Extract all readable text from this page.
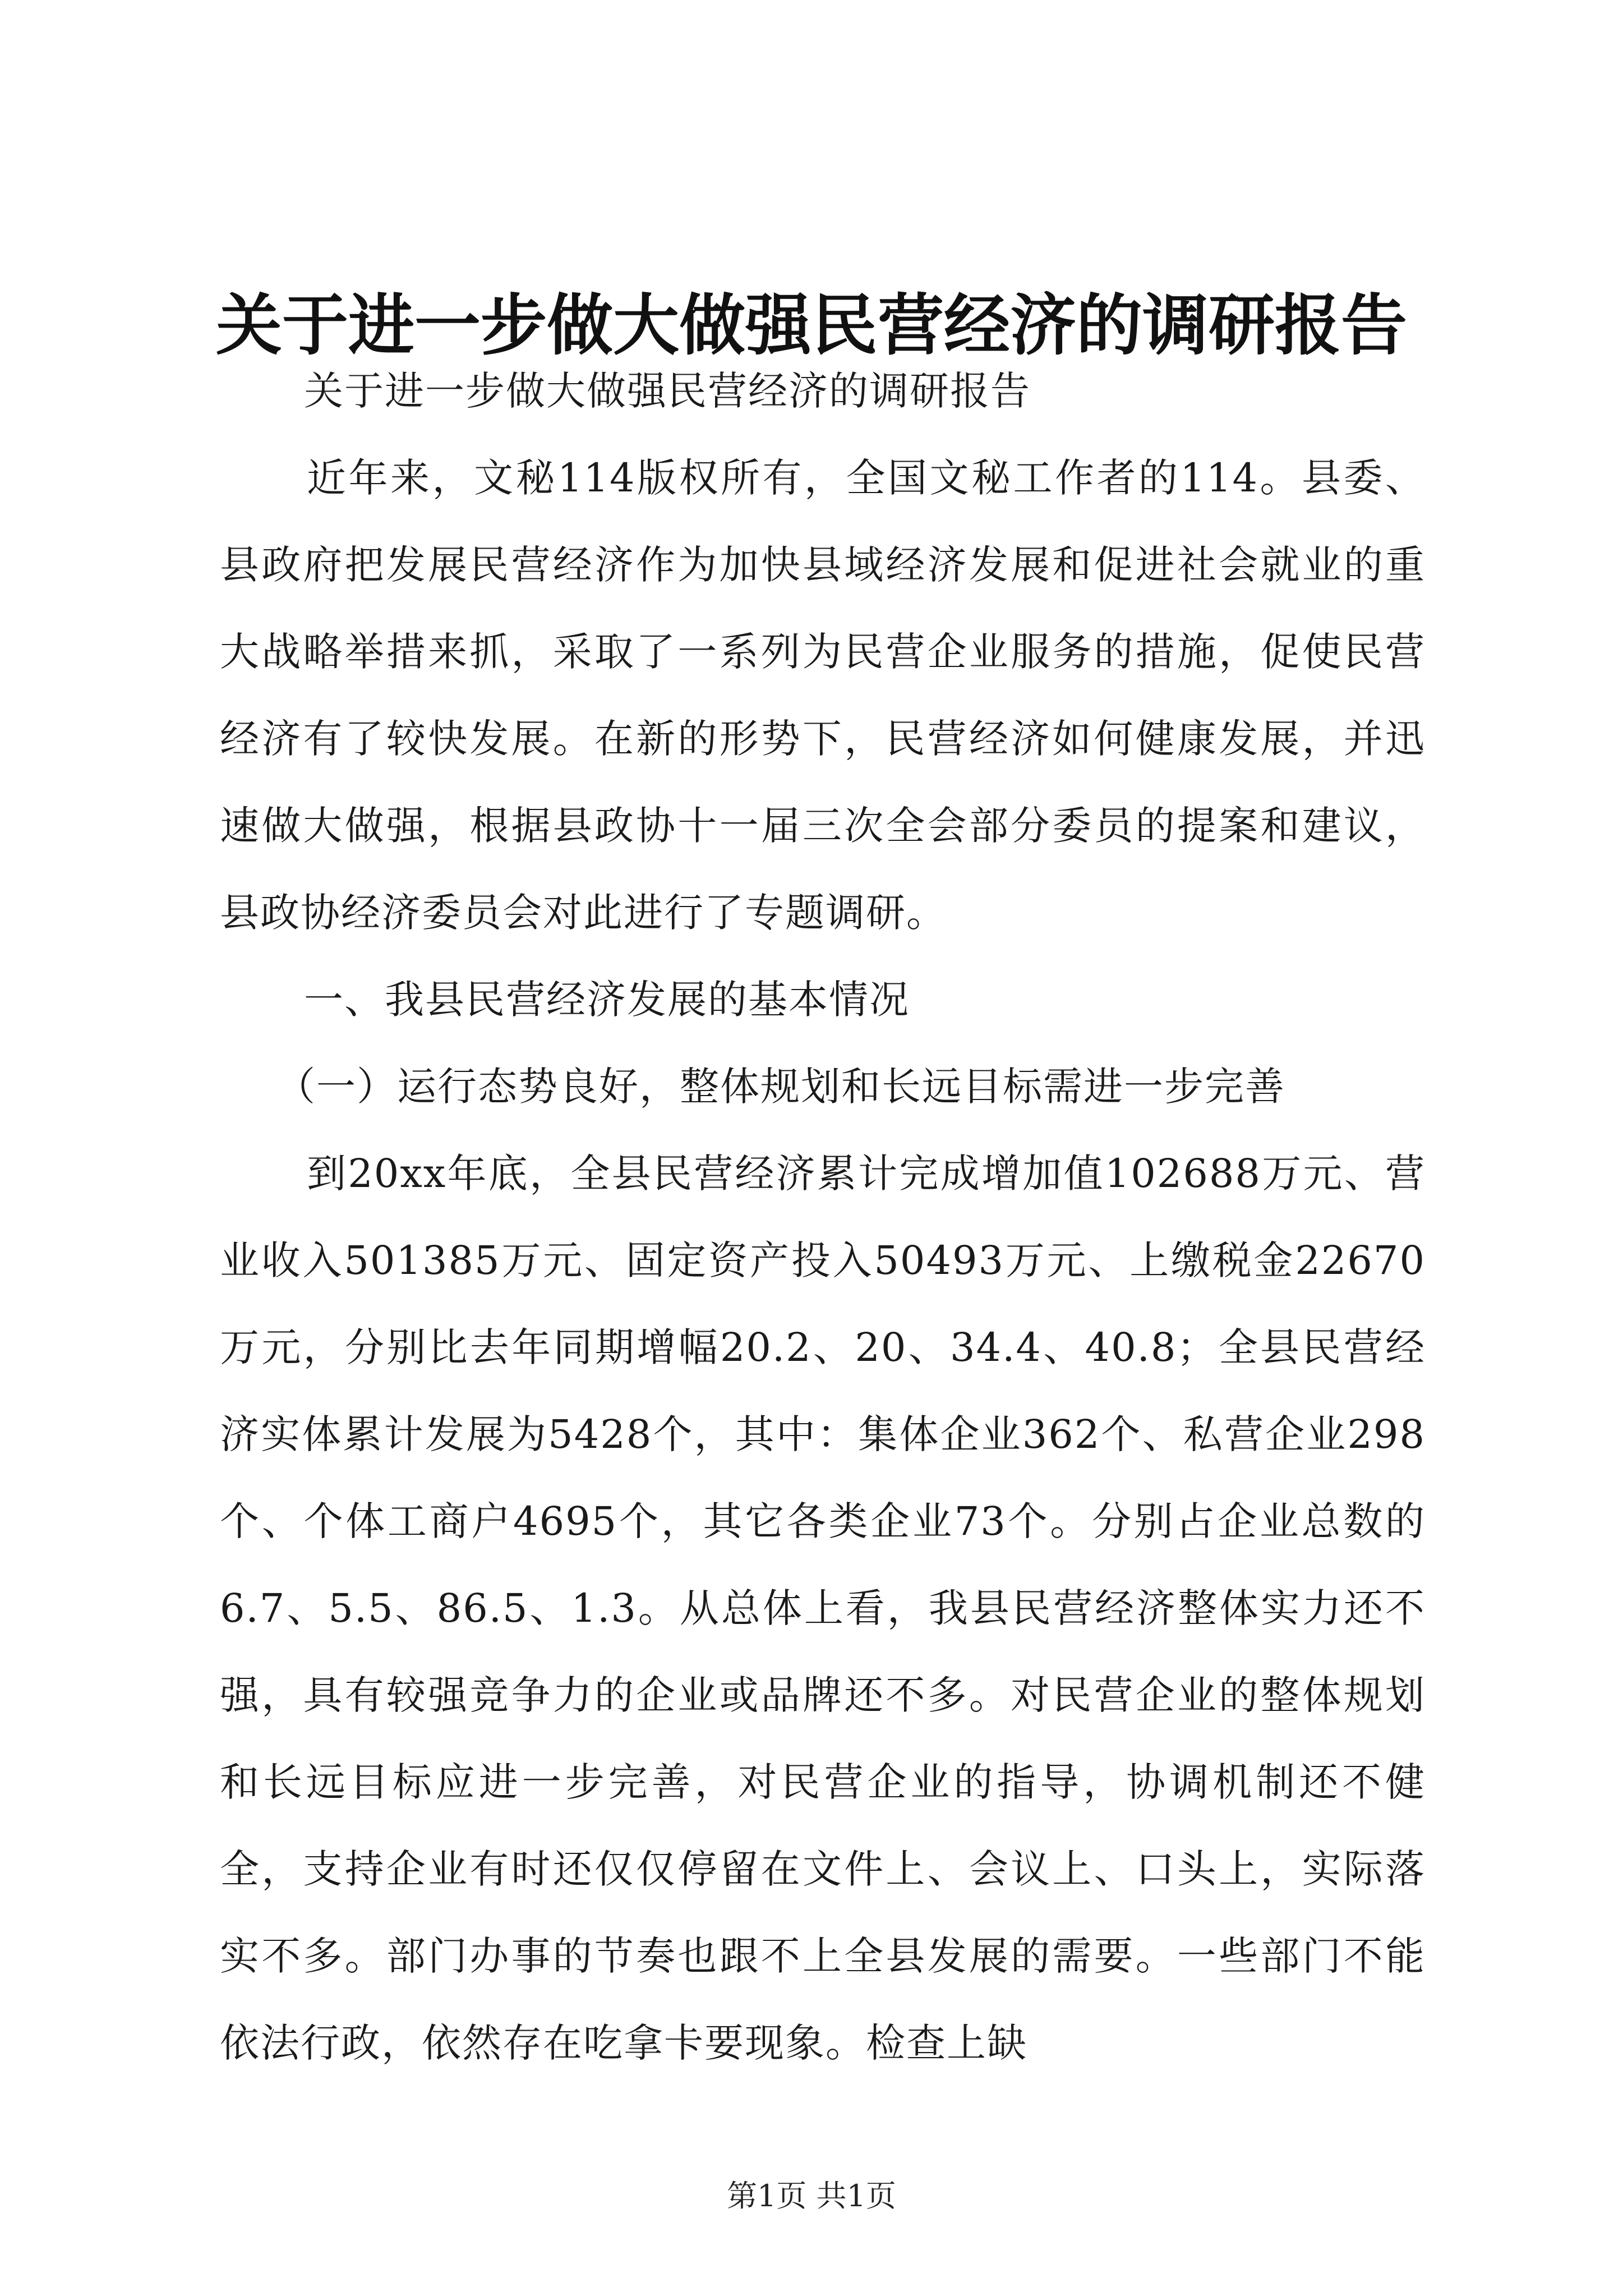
关于进一步做大做强民营经济的调研报告

关于进一步做大做强民营经济的调研报告

近年来，文秘114版权所有，全国文秘工作者的114。县委、县政府把发展民营经济作为加快县域经济发展和促进社会就业的重大战略举措来抓，采取了一系列为民营企业服务的措施，促使民营经济有了较快发展。在新的形势下，民营经济如何健康发展，并迅速做大做强，根据县政协十一届三次全会部分委员的提案和建议，县政协经济委员会对此进行了专题调研。

一、我县民营经济发展的基本情况

（一）运行态势良好，整体规划和长远目标需进一步完善

到20xx年底，全县民营经济累计完成增加值102688万元、营业收入501385万元、固定资产投入50493万元、上缴税金22670万元，分别比去年同期增幅20.2、20、34.4、40.8；全县民营经济实体累计发展为5428个，其中：集体企业362个、私营企业298个、个体工商户4695个，其它各类企业73个。分别占企业总数的6.7、5.5、86.5、1.3。从总体上看，我县民营经济整体实力还不强，具有较强竞争力的企业或品牌还不多。对民营企业的整体规划和长远目标应进一步完善，对民营企业的指导，协调机制还不健全，支持企业有时还仅仅停留在文件上、会议上、口头上，实际落实不多。部门办事的节奏也跟不上全县发展的需要。一些部门不能依法行政，依然存在吃拿卡要现象。检查上缺

第1页 共1页
